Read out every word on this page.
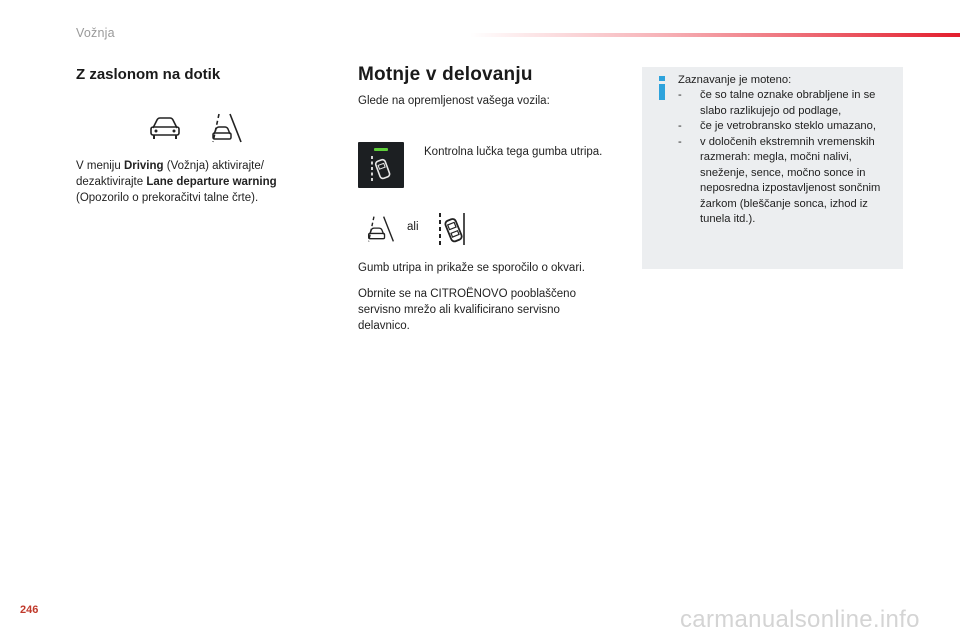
Vožnja
Z zaslonom na dotik

V meniju Driving (Vožnja) aktivirajte/ dezaktivirajte Lane departure warning (Opozorilo o prekoračitvi talne črte).

Motnje v delovanju

Glede na opremljenost vašega vozila:

Kontrolna lučka tega gumba utripa.

ali

Gumb utripa in prikaže se sporočilo o okvari.

Obrnite se na CITROËNOVO pooblaščeno servisno mrežo ali kvalificirano servisno delavnico.

Zaznavanje je moteno:

- če so talne oznake obrabljene in se slabo razlikujejo od podlage,
- če je vetrobransko steklo umazano,
- v določenih ekstremnih vremenskih razmerah: megla, močni nalivi, sneženje, sence, močno sonce in neposredna izpostavljenost sončnim žarkom (bleščanje sonca, izhod iz tunela itd.).
246	carmanualsonline.info
